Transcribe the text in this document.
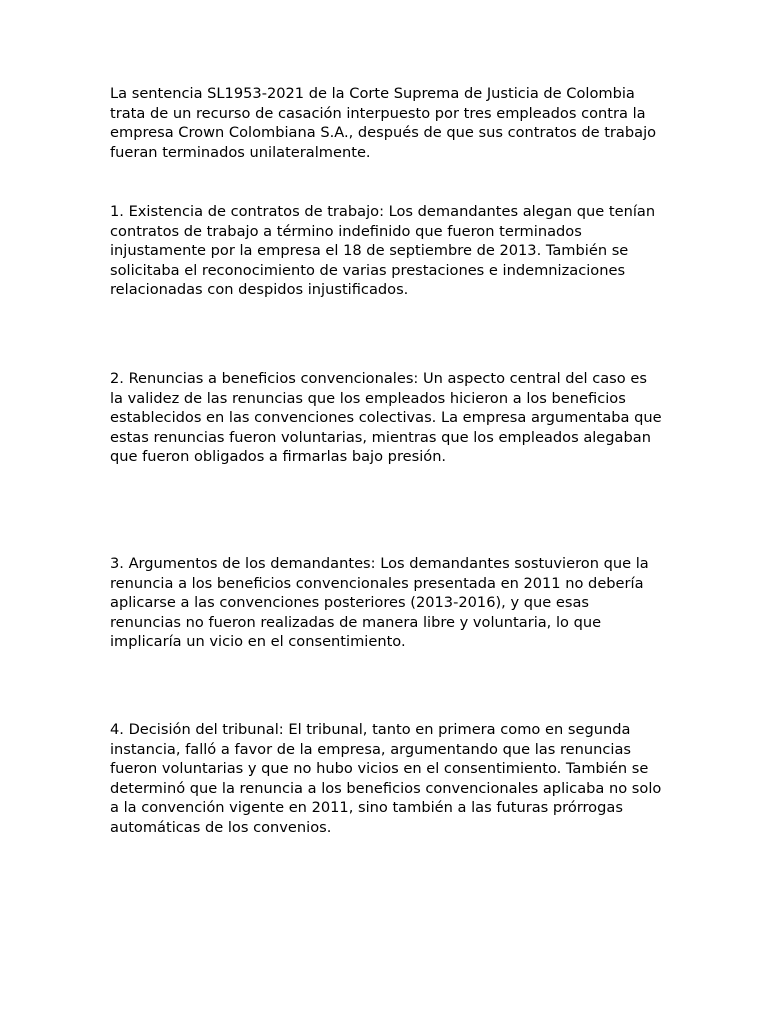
La sentencia SL1953-2021 de la Corte Suprema de Justicia de Colombia trata de un recurso de casación interpuesto por tres empleados contra la empresa Crown Colombiana S.A., después de que sus contratos de trabajo fueran terminados unilateralmente.

1. Existencia de contratos de trabajo: Los demandantes alegan que tenían contratos de trabajo a término indefinido que fueron terminados injustamente por la empresa el 18 de septiembre de 2013. También se solicitaba el reconocimiento de varias prestaciones e indemnizaciones relacionadas con despidos injustificados.

2. Renuncias a beneficios convencionales: Un aspecto central del caso es la validez de las renuncias que los empleados hicieron a los beneficios establecidos en las convenciones colectivas. La empresa argumentaba que estas renuncias fueron voluntarias, mientras que los empleados alegaban que fueron obligados a firmarlas bajo presión.

3. Argumentos de los demandantes: Los demandantes sostuvieron que la renuncia a los beneficios convencionales presentada en 2011 no debería aplicarse a las convenciones posteriores (2013-2016), y que esas renuncias no fueron realizadas de manera libre y voluntaria, lo que implicaría un vicio en el consentimiento.

4. Decisión del tribunal: El tribunal, tanto en primera como en segunda instancia, falló a favor de la empresa, argumentando que las renuncias fueron voluntarias y que no hubo vicios en el consentimiento. También se determinó que la renuncia a los beneficios convencionales aplicaba no solo a la convención vigente en 2011, sino también a las futuras prórrogas automáticas de los convenios.
